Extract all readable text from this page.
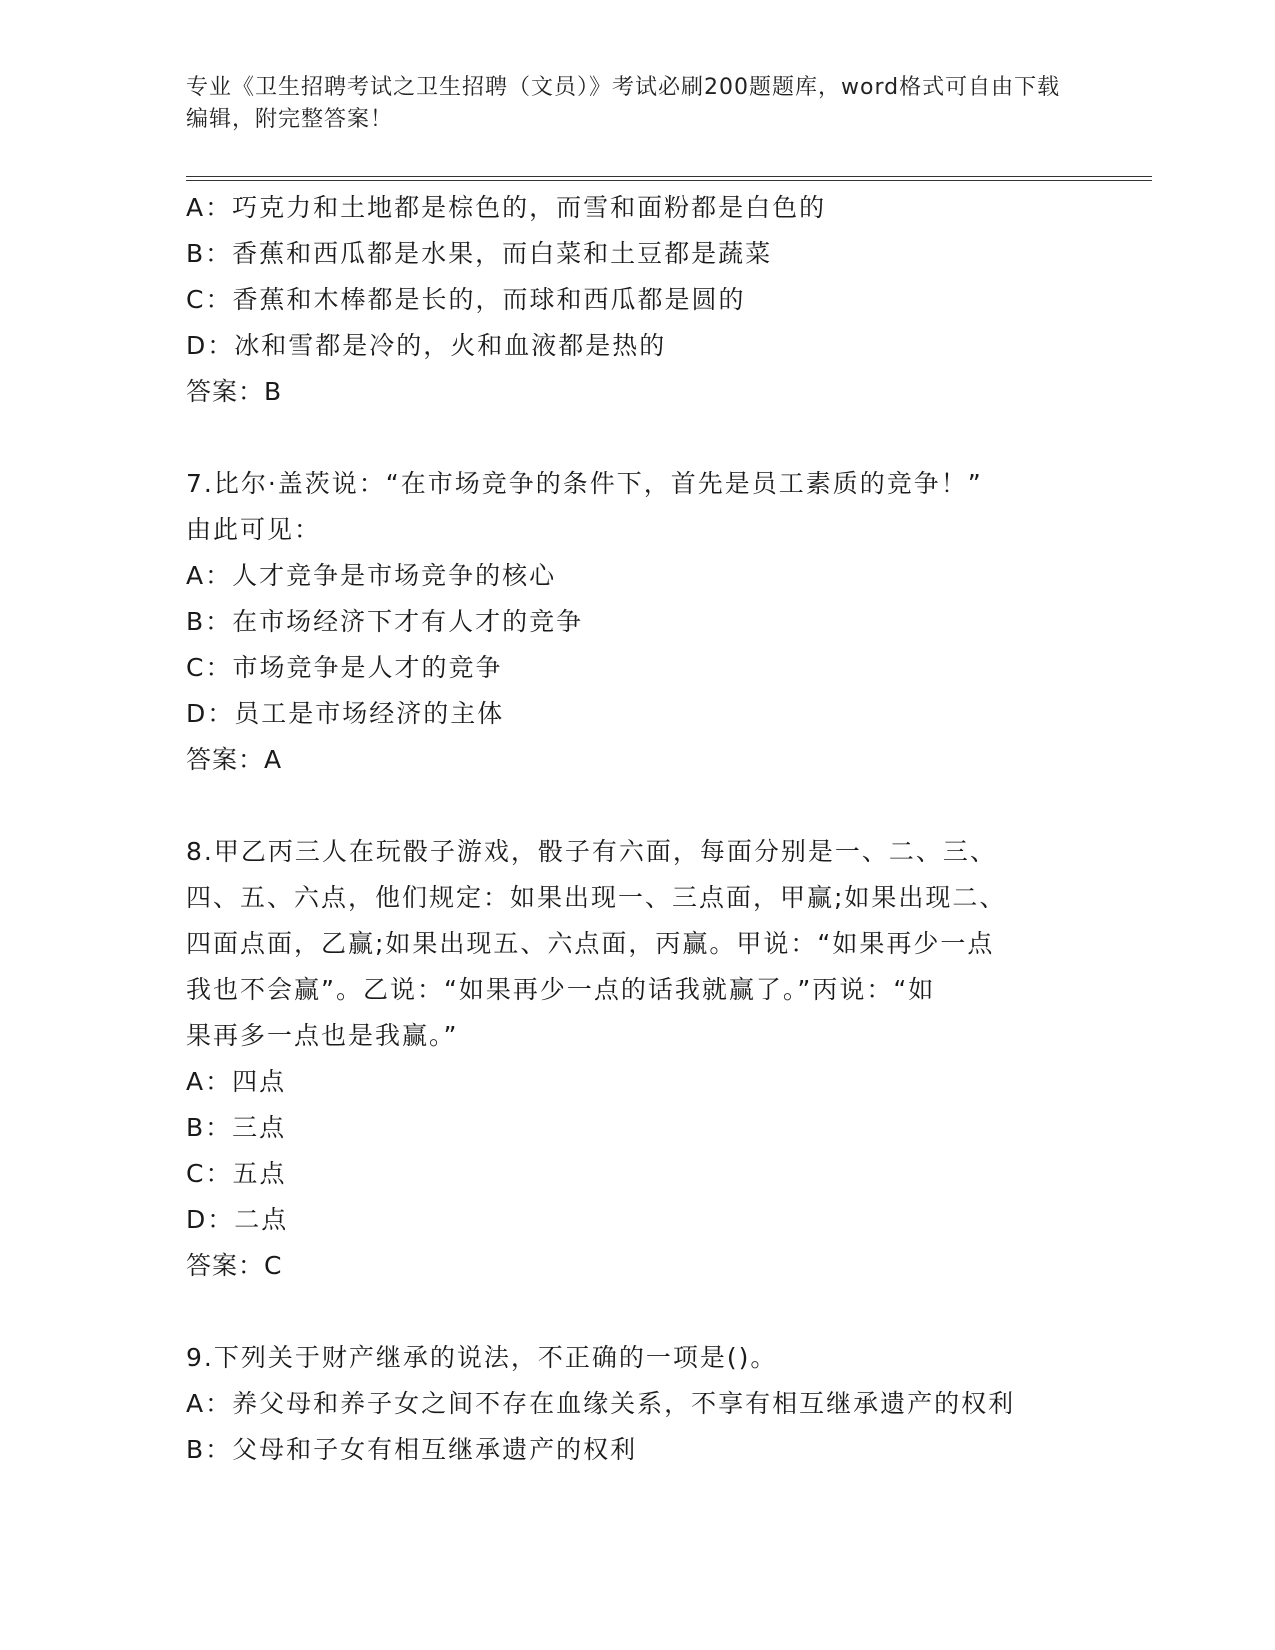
专业《卫生招聘考试之卫生招聘（文员）》考试必刷200题题库，word格式可自由下载编辑，附完整答案！
A：巧克力和土地都是棕色的，而雪和面粉都是白色的
B：香蕉和西瓜都是水果，而白菜和土豆都是蔬菜
C：香蕉和木棒都是长的，而球和西瓜都是圆的
D：冰和雪都是冷的，火和血液都是热的
答案：B
7.比尔·盖茨说：“在市场竞争的条件下，首先是员工素质的竞争！”
由此可见：
A：人才竞争是市场竞争的核心
B：在市场经济下才有人才的竞争
C：市场竞争是人才的竞争
D：员工是市场经济的主体
答案：A
8.甲乙丙三人在玩骰子游戏，骰子有六面，每面分别是一、二、三、
四、五、六点，他们规定：如果出现一、三点面，甲赢;如果出现二、
四面点面，乙赢;如果出现五、六点面，丙赢。甲说：“如果再少一点
我也不会赢”。乙说：“如果再少一点的话我就赢了。”丙说：“如
果再多一点也是我赢。”
A：四点
B：三点
C：五点
D：二点
答案：C
9.下列关于财产继承的说法，不正确的一项是()。
A：养父母和养子女之间不存在血缘关系，不享有相互继承遗产的权利
B：父母和子女有相互继承遗产的权利
